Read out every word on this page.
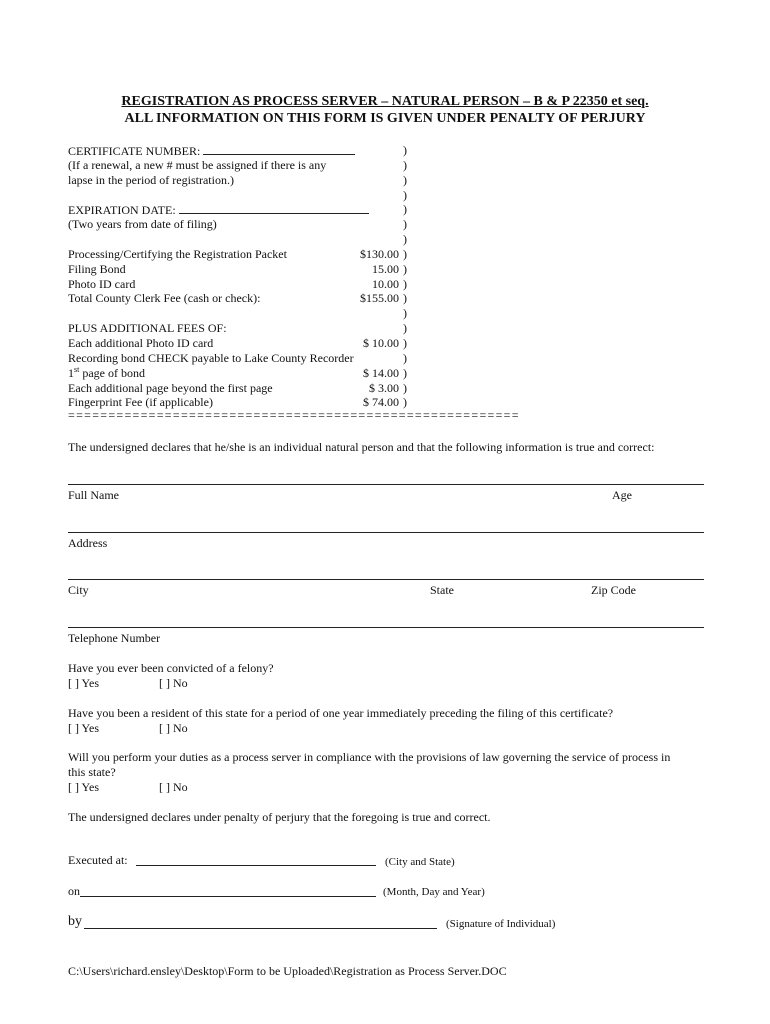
REGISTRATION AS PROCESS SERVER – NATURAL PERSON – B & P 22350 et seq.
ALL INFORMATION ON THIS FORM IS GIVEN UNDER PENALTY OF PERJURY
CERTIFICATE NUMBER:	)
(If a renewal, a new # must be assigned if there is any	)
lapse in the period of registration.)	)
)
EXPIRATION DATE:	)
(Two years from date of filing)	)
)
Processing/Certifying the Registration Packet	$130.00 )
Filing Bond	15.00 )
Photo ID card	10.00 )
Total County Clerk Fee (cash or check):	$155.00 )
)
PLUS ADDITIONAL FEES OF:	)
Each additional Photo ID card	$ 10.00 )
Recording bond CHECK payable to Lake County Recorder	)
1st page of bond	$ 14.00 )
Each additional page beyond the first page	$ 3.00 )
Fingerprint Fee (if applicable)	$ 74.00 )
========================================================
The undersigned declares that he/she is an individual natural person and that the following information is true and correct:
Full Name	Age
Address
City	State	Zip Code
Telephone Number
Have you ever been convicted of a felony?
[ ] Yes	[ ] No
Have you been a resident of this state for a period of one year immediately preceding the filing of this certificate?
[ ] Yes	[ ] No
Will you perform your duties as a process server in compliance with the provisions of law governing the service of process in
this state?
[ ] Yes	[ ] No
The undersigned declares under penalty of perjury that the foregoing is true and correct.
Executed at:	(City and State)
on	(Month, Day and Year)
by	(Signature of Individual)
C:\Users\richard.ensley\Desktop\Form to be Uploaded\Registration as Process Server.DOC
